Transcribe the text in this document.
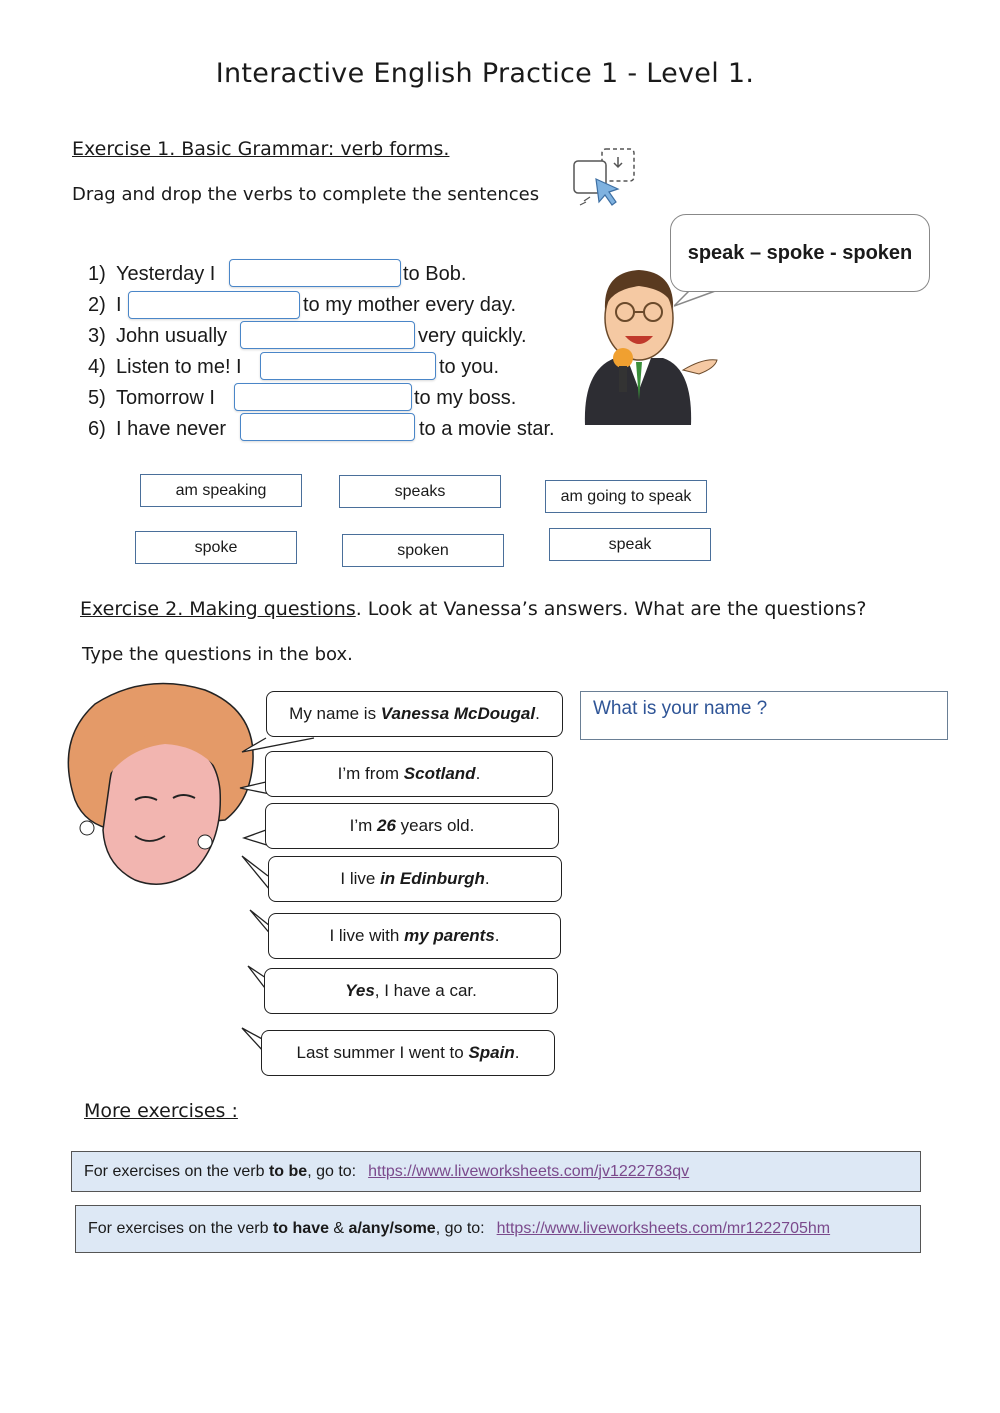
Interactive English Practice 1 - Level 1.
Exercise 1. Basic Grammar: verb forms.
Drag and drop the verbs to complete the sentences
speak – spoke - spoken
1) Yesterday I	to Bob.
2) I	to my mother every day.
3) John usually	very quickly.
4) Listen to me! I	to you.
5) Tomorrow I	to my boss.
6) I have never	to a movie star.
am speaking	speaks	am going to speak
spoke	spoken	speak
Exercise 2. Making questions. Look at Vanessa’s answers. What are the questions?
Type the questions in the box.
My name is Vanessa McDougal .
I’m from Scotland .
I’m 26 years old.
I live in Edinburgh .
I live with my parents .
Yes , I have a car.
Last summer I went to Spain .
What is your name ?
More exercises :
For exercises on the verb to be , go to: https://www.liveworksheets.com/jv1222783qv
For exercises on the verb to have & a/any/some , go to: https://www.liveworksheets.com/mr1222705hm
